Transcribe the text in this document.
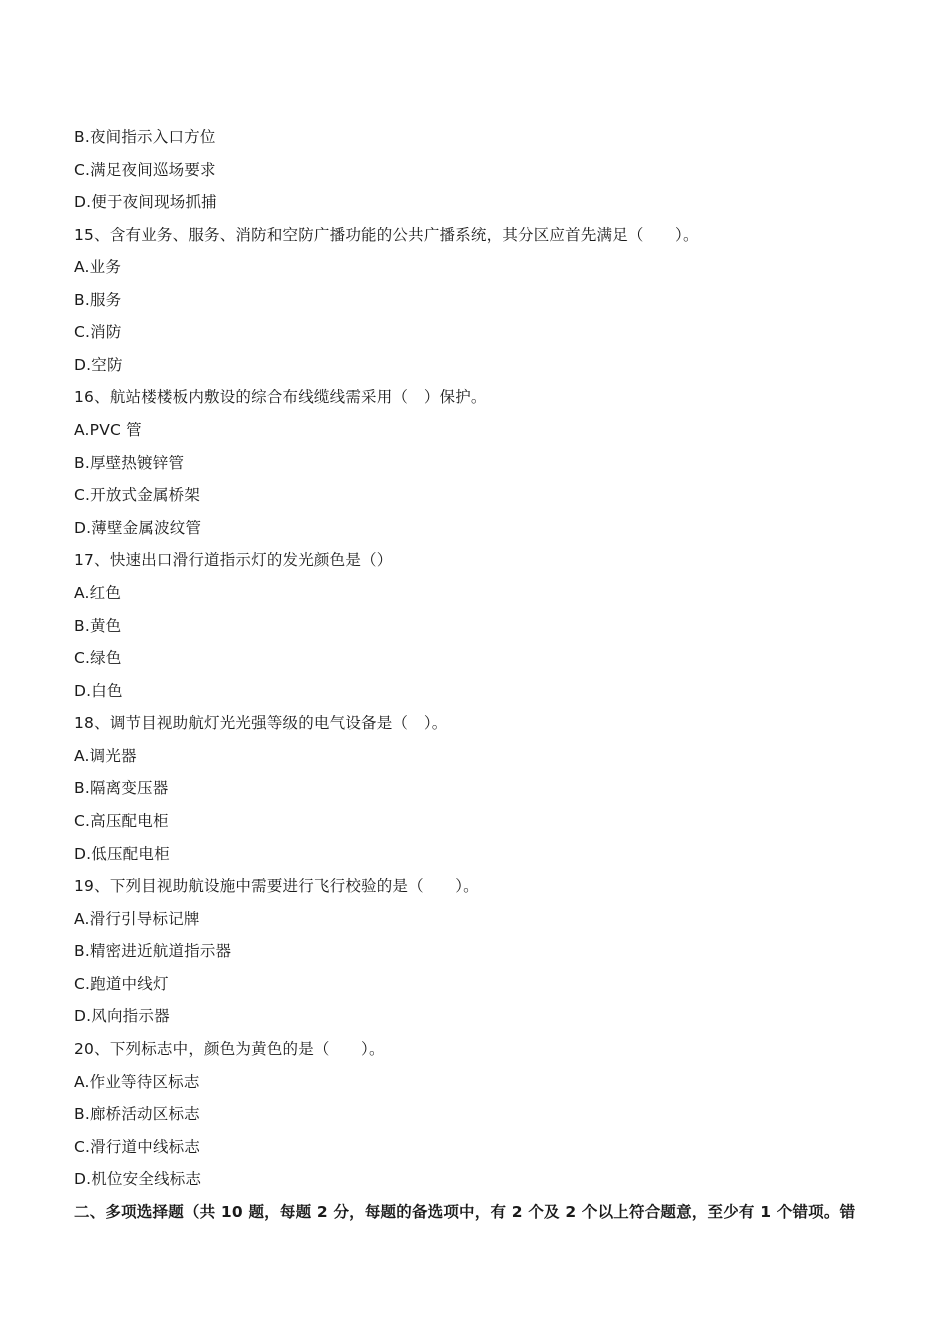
B.夜间指示入口方位
C.满足夜间巡场要求
D.便于夜间现场抓捕
15、含有业务、服务、消防和空防广播功能的公共广播系统，其分区应首先满足（　　）。
A.业务
B.服务
C.消防
D.空防
16、航站楼楼板内敷设的综合布线缆线需采用（　）保护。
A.PVC 管
B.厚壁热镀锌管
C.开放式金属桥架
D.薄壁金属波纹管
17、快速出口滑行道指示灯的发光颜色是（）
A.红色
B.黄色
C.绿色
D.白色
18、调节目视助航灯光光强等级的电气设备是（　）。
A.调光器
B.隔离变压器
C.高压配电柜
D.低压配电柜
19、下列目视助航设施中需要进行飞行校验的是（　　）。
A.滑行引导标记牌
B.精密进近航道指示器
C.跑道中线灯
D.风向指示器
20、下列标志中，颜色为黄色的是（　　）。
A.作业等待区标志
B.廊桥活动区标志
C.滑行道中线标志
D.机位安全线标志
二、多项选择题（共 10 题，每题 2 分，每题的备选项中，有 2 个及 2 个以上符合题意，至少有 1 个错项。错
